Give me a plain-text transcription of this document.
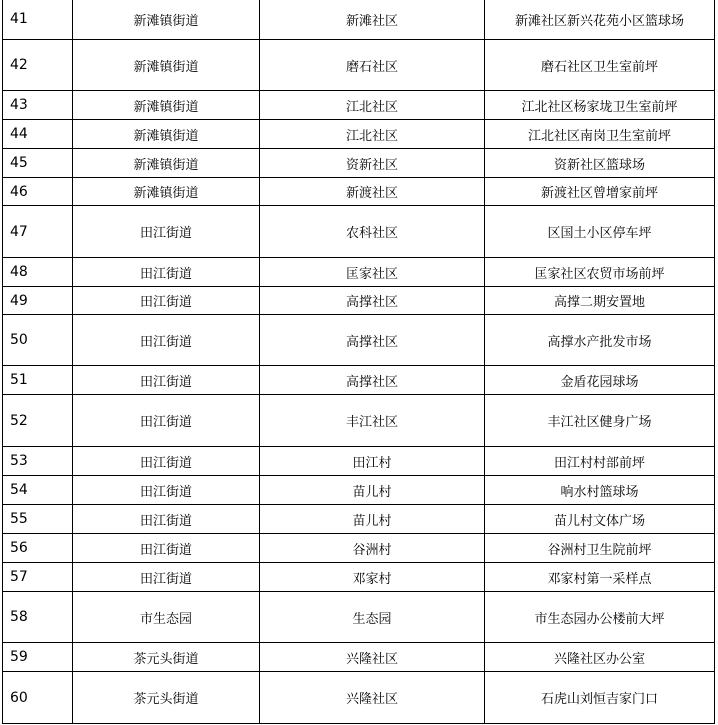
41	新滩镇街道	新滩社区	新滩社区新兴花苑小区篮球场
42	新滩镇街道	磨石社区	磨石社区卫生室前坪
43	新滩镇街道	江北社区	江北社区杨家垅卫生室前坪
44	新滩镇街道	江北社区	江北社区南岗卫生室前坪
45	新滩镇街道	资新社区	资新社区篮球场
46	新滩镇街道	新渡社区	新渡社区曾增家前坪
47	田江街道	农科社区	区国土小区停车坪
48	田江街道	匡家社区	匡家社区农贸市场前坪
49	田江街道	高撑社区	高撑二期安置地
50	田江街道	高撑社区	高撑水产批发市场
51	田江街道	高撑社区	金盾花园球场
52	田江街道	丰江社区	丰江社区健身广场
53	田江街道	田江村	田江村村部前坪
54	田江街道	苗儿村	响水村篮球场
55	田江街道	苗儿村	苗儿村文体广场
56	田江街道	谷洲村	谷洲村卫生院前坪
57	田江街道	邓家村	邓家村第一采样点
58	市生态园	生态园	市生态园办公楼前大坪
59	茶元头街道	兴隆社区	兴隆社区办公室
60	茶元头街道	兴隆社区	石虎山刘恒吉家门口
